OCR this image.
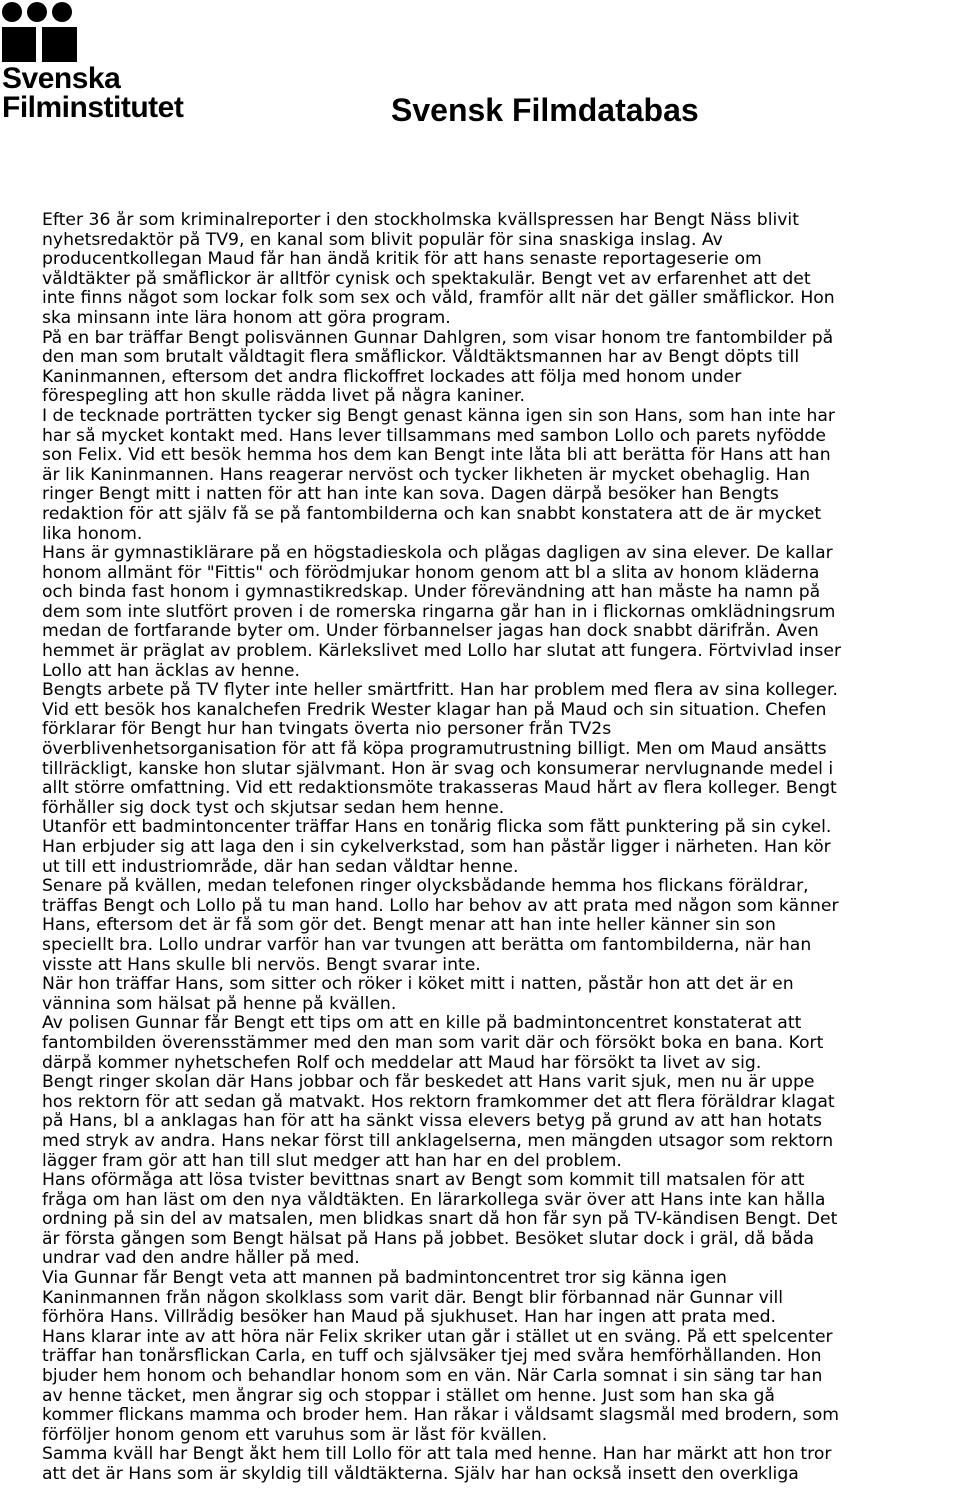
Svenska
Filminstitutet	Svensk Filmdatabas
Efter 36 år som kriminalreporter i den stockholmska kvällspressen har Bengt Näss blivit
nyhetsredaktör på TV9, en kanal som blivit populär för sina snaskiga inslag. Av
producentkollegan Maud får han ändå kritik för att hans senaste reportageserie om
våldtäkter på småflickor är alltför cynisk och spektakulär. Bengt vet av erfarenhet att det
inte finns något som lockar folk som sex och våld, framför allt när det gäller småflickor. Hon
ska minsann inte lära honom att göra program.
På en bar träffar Bengt polisvännen Gunnar Dahlgren, som visar honom tre fantombilder på
den man som brutalt våldtagit flera småflickor. Våldtäktsmannen har av Bengt döpts till
Kaninmannen, eftersom det andra flickoffret lockades att följa med honom under
förespegling att hon skulle rädda livet på några kaniner.
I de tecknade porträtten tycker sig Bengt genast känna igen sin son Hans, som han inte har
har så mycket kontakt med. Hans lever tillsammans med sambon Lollo och parets nyfödde
son Felix. Vid ett besök hemma hos dem kan Bengt inte låta bli att berätta för Hans att han
är lik Kaninmannen. Hans reagerar nervöst och tycker likheten är mycket obehaglig. Han
ringer Bengt mitt i natten för att han inte kan sova. Dagen därpå besöker han Bengts
redaktion för att själv få se på fantombilderna och kan snabbt konstatera att de är mycket
lika honom.
Hans är gymnastiklärare på en högstadieskola och plågas dagligen av sina elever. De kallar
honom allmänt för "Fittis" och förödmjukar honom genom att bl a slita av honom kläderna
och binda fast honom i gymnastikredskap. Under förevändning att han måste ha namn på
dem som inte slutfört proven i de romerska ringarna går han in i flickornas omklädningsrum
medan de fortfarande byter om. Under förbannelser jagas han dock snabbt därifrån. Även
hemmet är präglat av problem. Kärlekslivet med Lollo har slutat att fungera. Förtvivlad inser
Lollo att han äcklas av henne.
Bengts arbete på TV flyter inte heller smärtfritt. Han har problem med flera av sina kolleger.
Vid ett besök hos kanalchefen Fredrik Wester klagar han på Maud och sin situation. Chefen
förklarar för Bengt hur han tvingats överta nio personer från TV2s
överblivenhetsorganisation för att få köpa programutrustning billigt. Men om Maud ansätts
tillräckligt, kanske hon slutar självmant. Hon är svag och konsumerar nervlugnande medel i
allt större omfattning. Vid ett redaktionsmöte trakasseras Maud hårt av flera kolleger. Bengt
förhåller sig dock tyst och skjutsar sedan hem henne.
Utanför ett badmintoncenter träffar Hans en tonårig flicka som fått punktering på sin cykel.
Han erbjuder sig att laga den i sin cykelverkstad, som han påstår ligger i närheten. Han kör
ut till ett industriområde, där han sedan våldtar henne.
Senare på kvällen, medan telefonen ringer olycksbådande hemma hos flickans föräldrar,
träffas Bengt och Lollo på tu man hand. Lollo har behov av att prata med någon som känner
Hans, eftersom det är få som gör det. Bengt menar att han inte heller känner sin son
speciellt bra. Lollo undrar varför han var tvungen att berätta om fantombilderna, när han
visste att Hans skulle bli nervös. Bengt svarar inte.
När hon träffar Hans, som sitter och röker i köket mitt i natten, påstår hon att det är en
vännina som hälsat på henne på kvällen.
Av polisen Gunnar får Bengt ett tips om att en kille på badmintoncentret konstaterat att
fantombilden överensstämmer med den man som varit där och försökt boka en bana. Kort
därpå kommer nyhetschefen Rolf och meddelar att Maud har försökt ta livet av sig.
Bengt ringer skolan där Hans jobbar och får beskedet att Hans varit sjuk, men nu är uppe
hos rektorn för att sedan gå matvakt. Hos rektorn framkommer det att flera föräldrar klagat
på Hans, bl a anklagas han för att ha sänkt vissa elevers betyg på grund av att han hotats
med stryk av andra. Hans nekar först till anklagelserna, men mängden utsagor som rektorn
lägger fram gör att han till slut medger att han har en del problem.
Hans oförmåga att lösa tvister bevittnas snart av Bengt som kommit till matsalen för att
fråga om han läst om den nya våldtäkten. En lärarkollega svär över att Hans inte kan hålla
ordning på sin del av matsalen, men blidkas snart då hon får syn på TV-kändisen Bengt. Det
är första gången som Bengt hälsat på Hans på jobbet. Besöket slutar dock i gräl, då båda
undrar vad den andre håller på med.
Via Gunnar får Bengt veta att mannen på badmintoncentret tror sig känna igen
Kaninmannen från någon skolklass som varit där. Bengt blir förbannad när Gunnar vill
förhöra Hans. Villrådig besöker han Maud på sjukhuset. Han har ingen att prata med.
Hans klarar inte av att höra när Felix skriker utan går i stället ut en sväng. På ett spelcenter
träffar han tonårsflickan Carla, en tuff och självsäker tjej med svåra hemförhållanden. Hon
bjuder hem honom och behandlar honom som en vän. När Carla somnat i sin säng tar han
av henne täcket, men ångrar sig och stoppar i stället om henne. Just som han ska gå
kommer flickans mamma och broder hem. Han råkar i våldsamt slagsmål med brodern, som
förföljer honom genom ett varuhus som är låst för kvällen.
Samma kväll har Bengt åkt hem till Lollo för att tala med henne. Han har märkt att hon tror
att det är Hans som är skyldig till våldtäkterna. Själv har han också insett den overkliga
